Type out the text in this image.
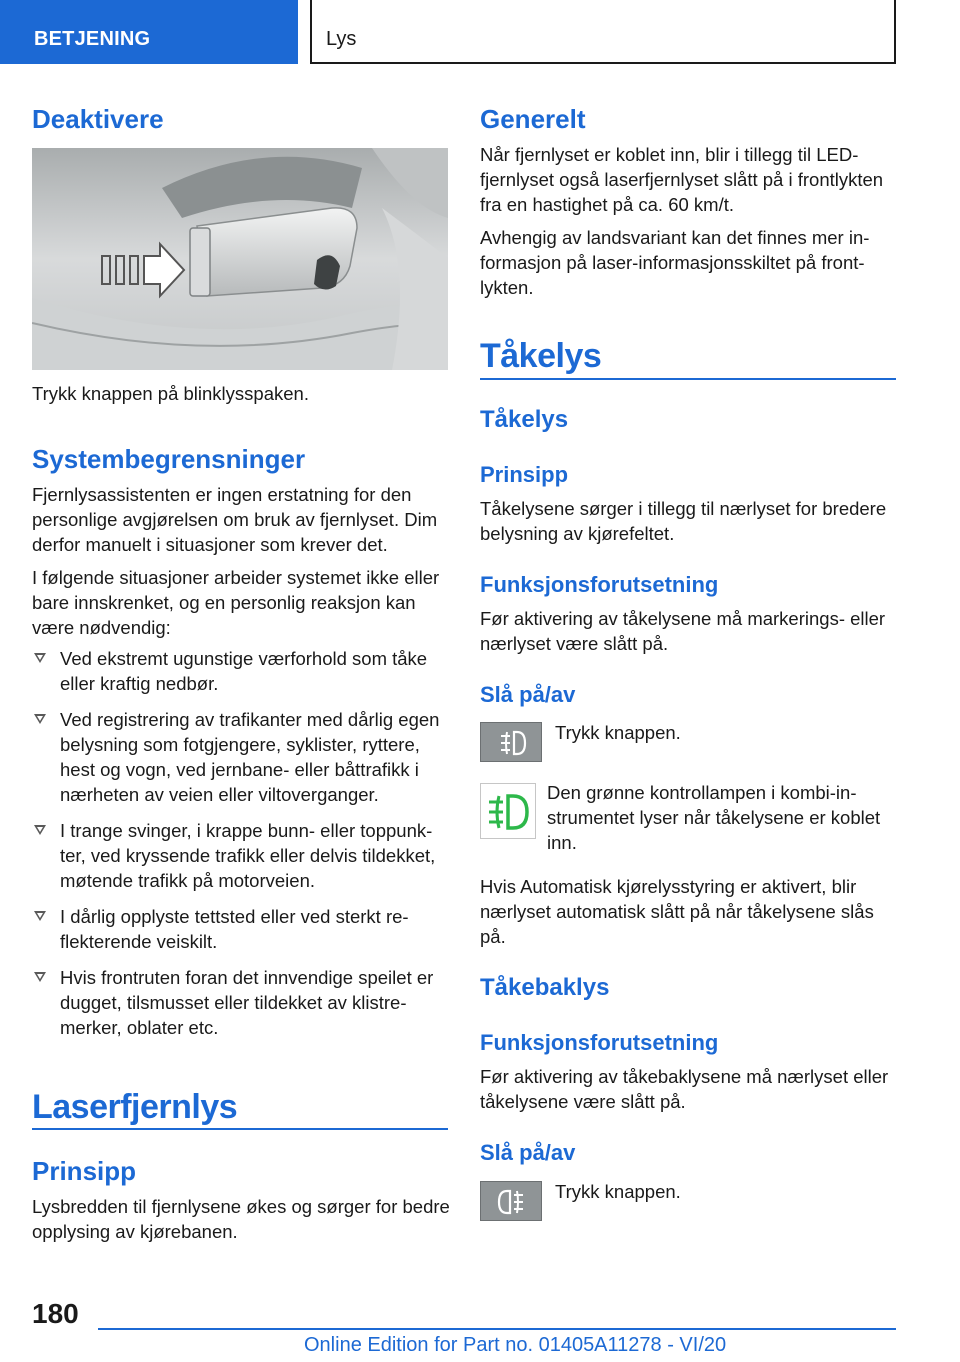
BETJENING	Lys
Deaktivere
Trykk knappen på blinklysspaken.
Systembegrensninger
Fjernlysassistenten er ingen erstatning for den personlige avgjørelsen om bruk av fjernlyset. Dim derfor manuelt i situasjoner som krever det.
I følgende situasjoner arbeider systemet ikke eller bare innskrenket, og en personlig reaksjon kan være nødvendig:
Ved ekstremt ugunstige værforhold som tåke eller kraftig nedbør.
Ved registrering av trafikanter med dårlig egen belysning som fotgjengere, syklister, ryttere, hest og vogn, ved jernbane- eller båttrafikk i nærheten av veien eller viltoverganger.
I trange svinger, i krappe bunn- eller toppunkter, ved kryssende trafikk eller delvis tildekket, møtende trafikk på motorveien.
I dårlig opplyste tettsted eller ved sterkt reflekterende veiskilt.
Hvis frontruten foran det innvendige speilet er dugget, tilsmusset eller tildekket av klistremerker, oblater etc.
Laserfjernlys
Prinsipp
Lysbredden til fjernlysene økes og sørger for bedre opplysing av kjørebanen.
Generelt
Når fjernlyset er koblet inn, blir i tillegg til LED-fjernlyset også laserfjernlyset slått på i frontlykten fra en hastighet på ca. 60 km/t.
Avhengig av landsvariant kan det finnes mer informasjon på laser-informasjonsskiltet på frontlykten.
Tåkelys
Tåkelys
Prinsipp
Tåkelysene sørger i tillegg til nærlyset for bredere belysning av kjørefeltet.
Funksjonsforutsetning
Før aktivering av tåkelysene må markerings- eller nærlyset være slått på.
Slå på/av
Trykk knappen.
Den grønne kontrollampen i kombi-instrumentet lyser når tåkelysene er koblet inn.
Hvis Automatisk kjørelysstyring er aktivert, blir nærlyset automatisk slått på når tåkelysene slås på.
Tåkebaklys
Funksjonsforutsetning
Før aktivering av tåkebaklysene må nærlyset eller tåkelysene være slått på.
Slå på/av
Trykk knappen.
180
Online Edition for Part no. 01405A11278 - VI/20
